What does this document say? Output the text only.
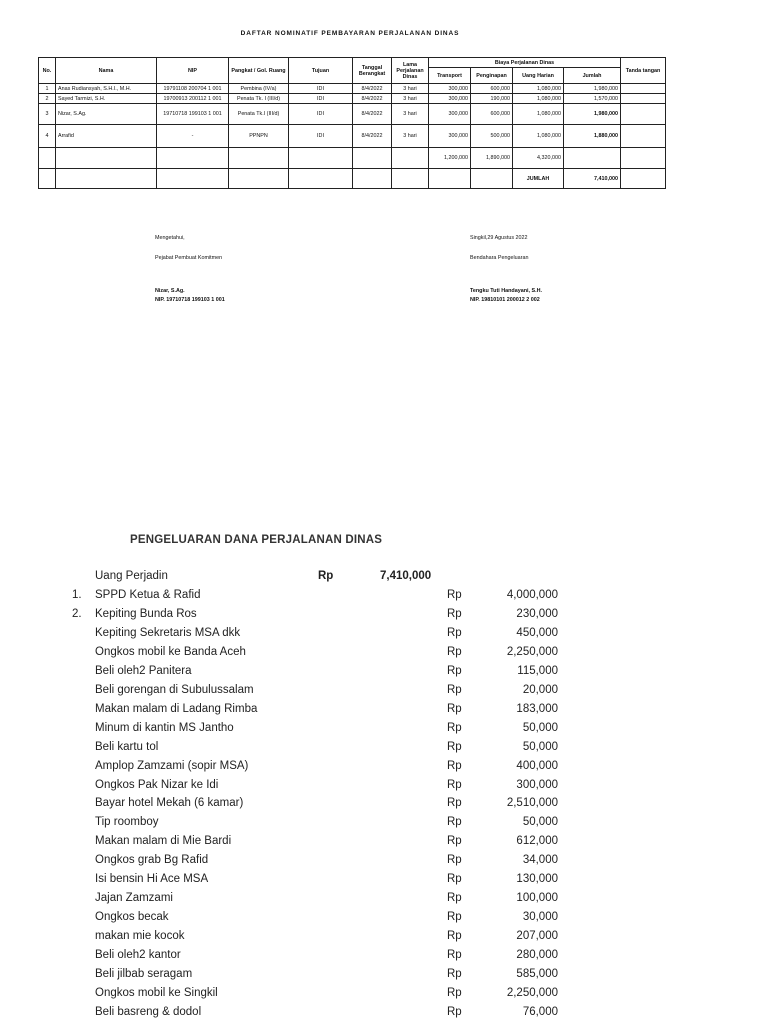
DAFTAR NOMINATIF PEMBAYARAN PERJALANAN DINAS
No.	Nama	NIP	Pangkat / Gol. Ruang	Tujuan	Tanggal Berangkat	Lama Perjalanan Dinas	Biaya Perjalanan Dinas				Tanda tangan
							Transport	Penginapan	Uang Harian	Jumlah	
1	Anas Rudiansyah, S.H.I., M.H.	19791108 200704 1 001	Pembina (IV/a)	IDI	8/4/2022	3 hari	300,000	600,000	1,080,000	1,980,000	
2	Sayed Tarmizi, S.H.	19700913 200112 1 001	Penata Tk. I (III/d)	IDI	8/4/2022	3 hari	300,000	190,000	1,080,000	1,570,000	
3	Nizar, S.Ag.	19710718 199103 1 001	Penata Tk.I (III/d)	IDI	8/4/2022	3 hari	300,000	600,000	1,080,000	1,980,000	
4	Arrafid	-	PPNPN	IDI	8/4/2022	3 hari	300,000	500,000	1,080,000	1,880,000	
							1,200,000	1,890,000	4,320,000		
									JUMLAH	7,410,000	
Mengetahui,
Pejabat Pembuat Komitmen
Nizar, S.Ag.
NIP. 19710718 199103 1 001
Singkil,29 Agustus 2022
Bendahara Pengeluaran
Tengku Tuti Handayani, S.H.
NIP. 19810101 200012 2 002
PENGELUARAN DANA PERJALANAN DINAS
Uang Perjadin	Rp	7,410,000
1. SPPD Ketua & Rafid	Rp	4,000,000
2. Kepiting Bunda Ros	Rp	230,000
Kepiting Sekretaris MSA dkk	Rp	450,000
Ongkos mobil ke Banda Aceh	Rp	2,250,000
Beli oleh2 Panitera	Rp	115,000
Beli gorengan di Subulussalam	Rp	20,000
Makan malam di Ladang Rimba	Rp	183,000
Minum di kantin MS Jantho	Rp	50,000
Beli kartu tol	Rp	50,000
Amplop Zamzami (sopir MSA)	Rp	400,000
Ongkos Pak Nizar ke Idi	Rp	300,000
Bayar hotel Mekah (6 kamar)	Rp	2,510,000
Tip roomboy	Rp	50,000
Makan malam di Mie Bardi	Rp	612,000
Ongkos grab Bg Rafid	Rp	34,000
Isi bensin Hi Ace MSA	Rp	130,000
Jajan Zamzami	Rp	100,000
Ongkos becak	Rp	30,000
makan mie kocok	Rp	207,000
Beli oleh2 kantor	Rp	280,000
Beli jilbab seragam	Rp	585,000
Ongkos mobil ke Singkil	Rp	2,250,000
Beli basreng & dodol	Rp	76,000
